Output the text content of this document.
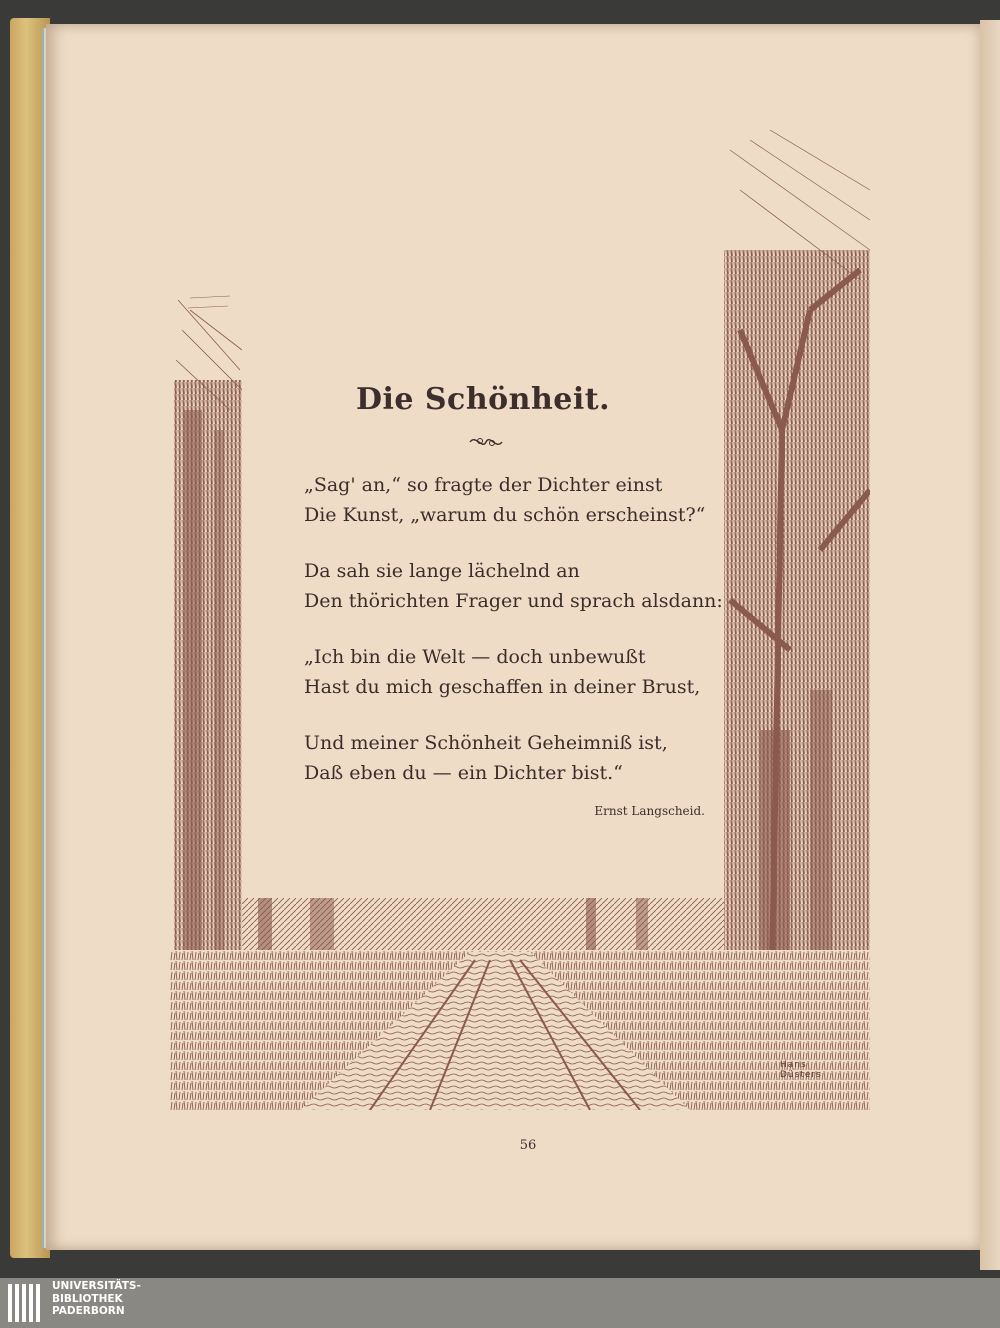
Die Schönheit.
„Sag' an,“ so fragte der Dichter einst
Die Kunst, „warum du schön erscheinst?“
Da sah sie lange lächelnd an
Den thörichten Frager und sprach alsdann:
„Ich bin die Welt — doch unbewußt
Hast du mich geschaffen in deiner Brust,
Und meiner Schönheit Geheimniß ist,
Daß eben du — ein Dichter bist.“
Ernst Langscheid.
Hans Düsters
56
UNIVERSITÄTS-
BIBLIOTHEK
PADERBORN
